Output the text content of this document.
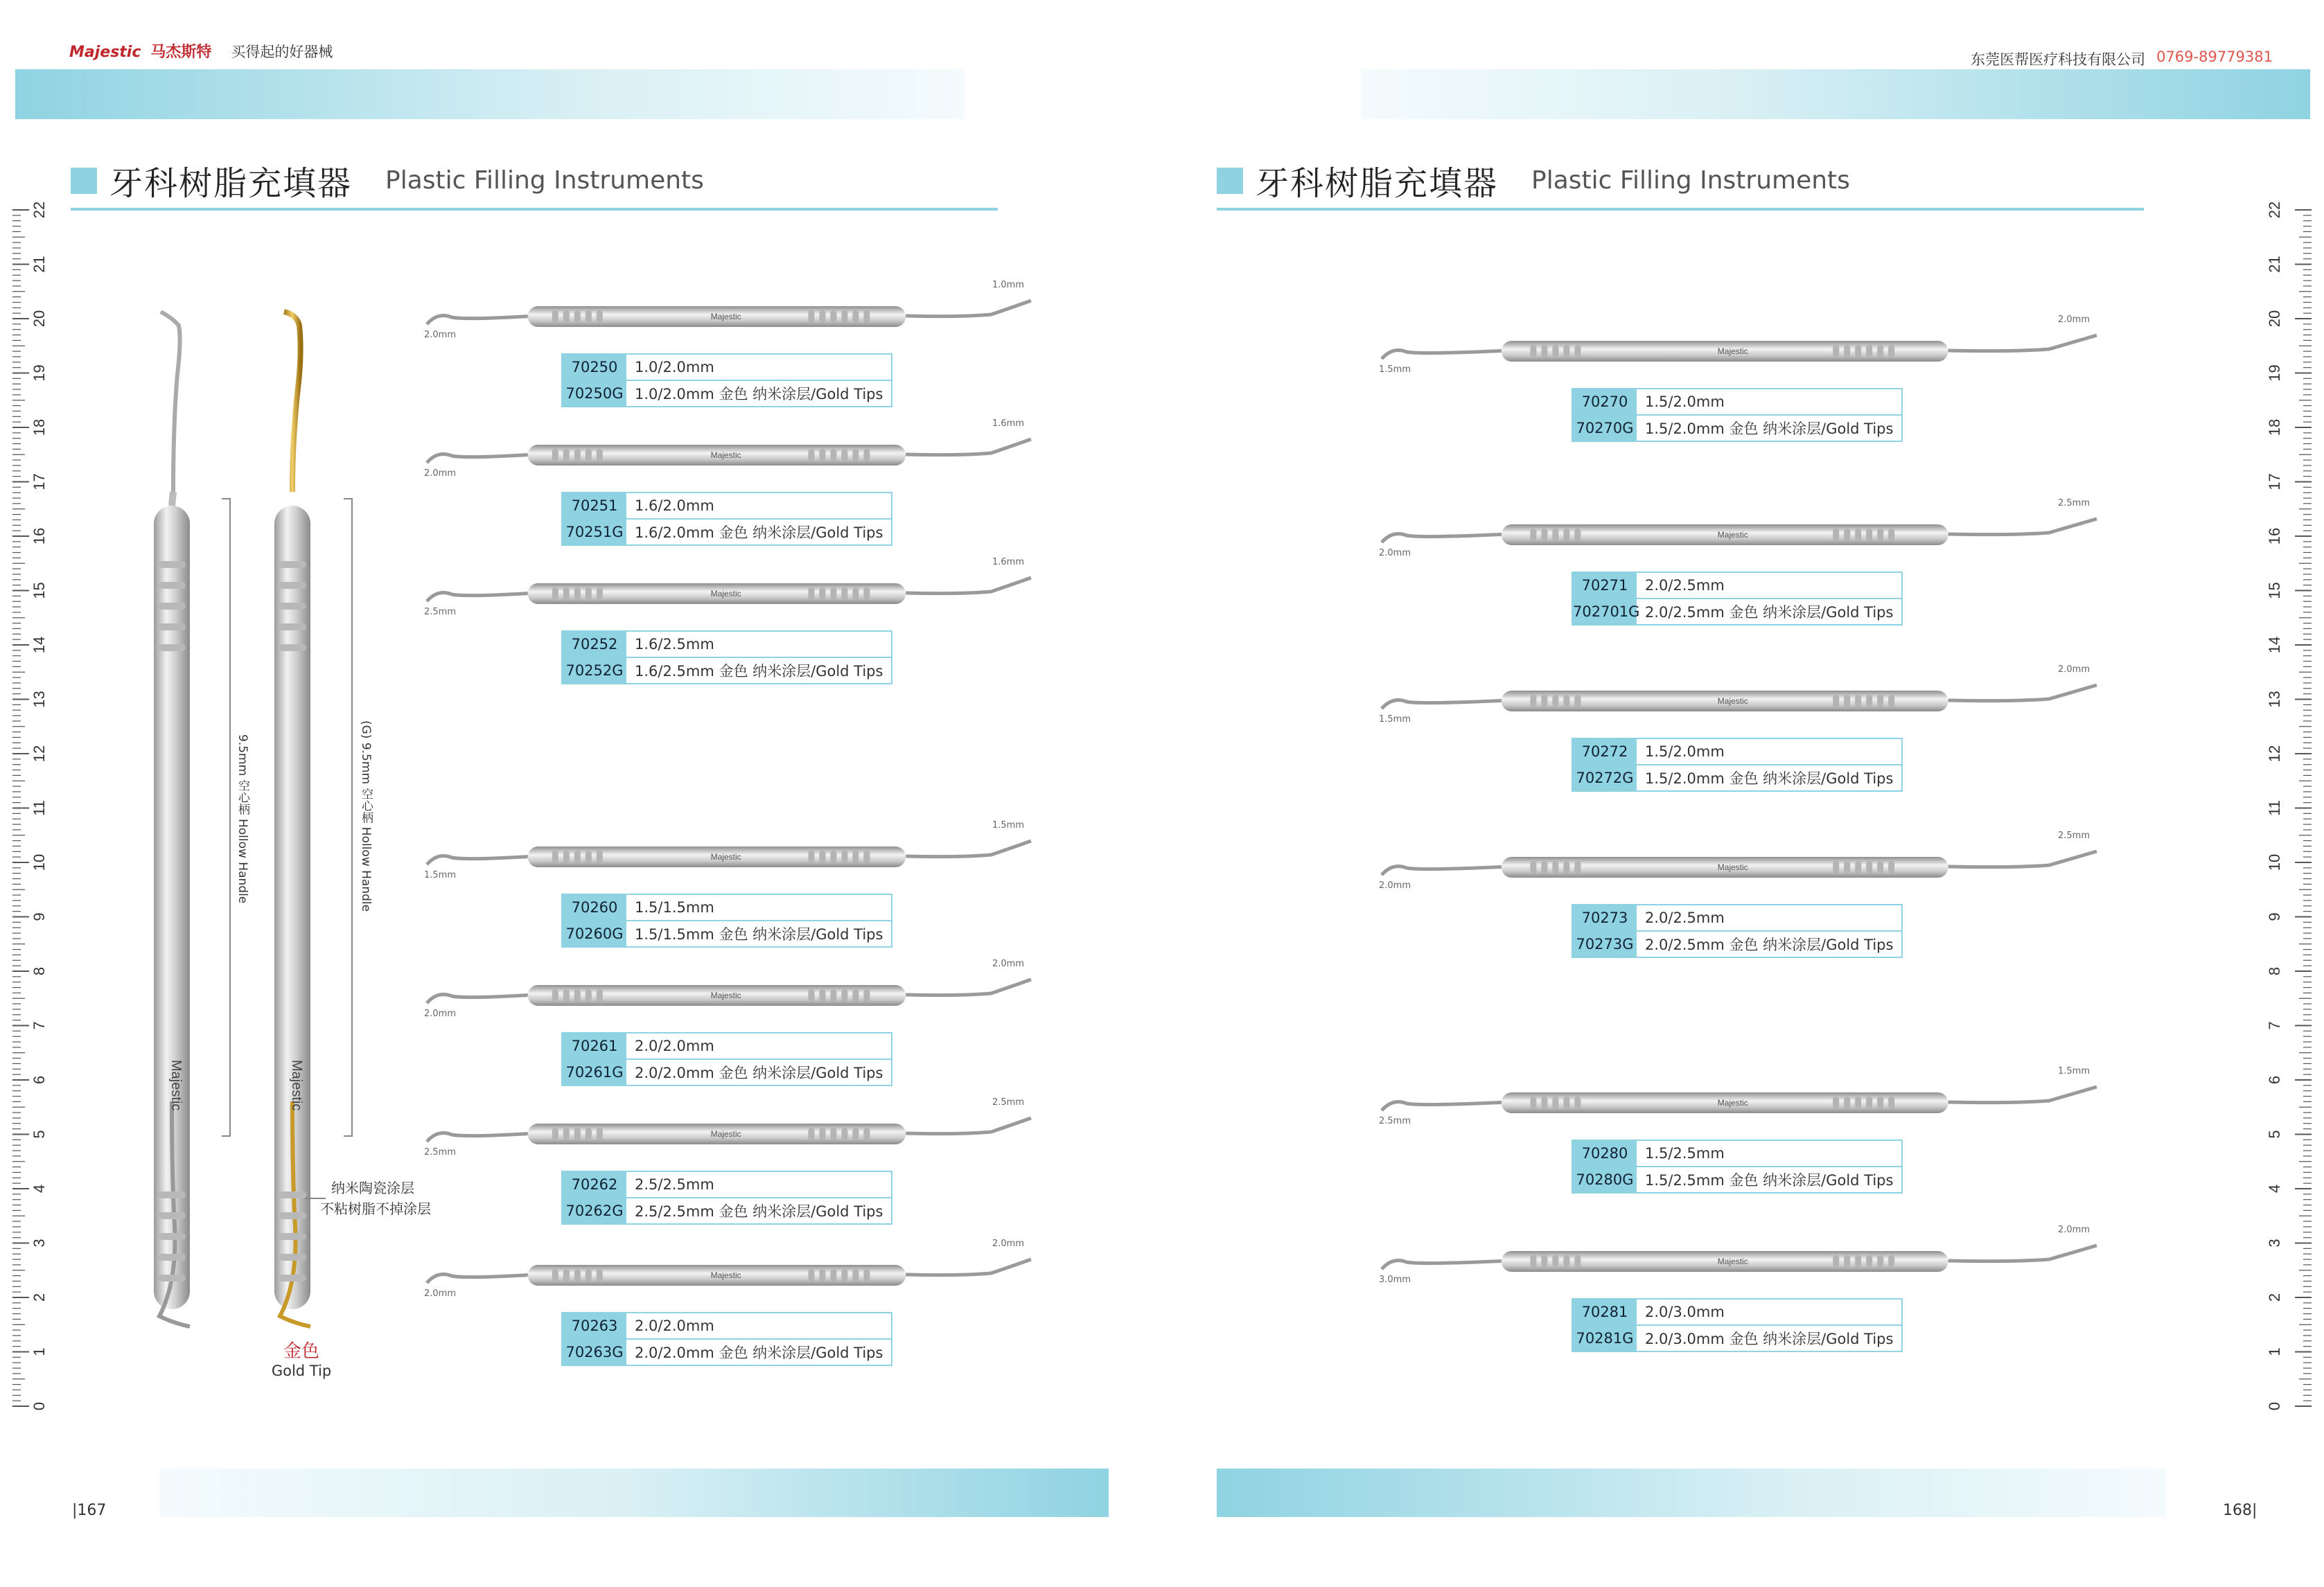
Majestic 马杰斯特 买得起的好器械	东莞医帮医疗科技有限公司 0769-89779381
牙科树脂充填器 Plastic Filling Instruments	牙科树脂充填器 Plastic Filling Instruments
0
1
2
3
4
5
6
7
8
9
10
11
12
13
14
15
16
17
18
19
20
21
22
0
1
2
3
4
5
6
7
8
9
10
11
12
13
14
15
16
17
18
19
20
21
22
Majestic	Majestic
9.5mm 空心柄 Hollow Handle	(G) 9.5mm 空心柄 Hollow Handle
纳米陶瓷涂层
不粘树脂不掉涂层
金色
Gold Tip
Majestic
2.0mm
1.0mm
70250	1.0/2.0mm
70250G 1.0/2.0mm 金色 纳米涂层/Gold Tips
Majestic
2.0mm
1.6mm
70251	1.6/2.0mm
70251G 1.6/2.0mm 金色 纳米涂层/Gold Tips
Majestic
2.5mm
1.6mm
70252	1.6/2.5mm
70252G 1.6/2.5mm 金色 纳米涂层/Gold Tips
Majestic
1.5mm
1.5mm
70260	1.5/1.5mm
70260G 1.5/1.5mm 金色 纳米涂层/Gold Tips
Majestic
2.0mm
2.0mm
70261	2.0/2.0mm
70261G 2.0/2.0mm 金色 纳米涂层/Gold Tips
Majestic
2.5mm
2.5mm
70262	2.5/2.5mm
70262G 2.5/2.5mm 金色 纳米涂层/Gold Tips
Majestic
2.0mm
2.0mm
70263	2.0/2.0mm
70263G 2.0/2.0mm 金色 纳米涂层/Gold Tips
Majestic
1.5mm
2.0mm
70270	1.5/2.0mm
70270G 1.5/2.0mm 金色 纳米涂层/Gold Tips
Majestic
2.0mm
2.5mm
70271	2.0/2.5mm
702701G 2.0/2.5mm 金色 纳米涂层/Gold Tips
Majestic
1.5mm
2.0mm
70272	1.5/2.0mm
70272G 1.5/2.0mm 金色 纳米涂层/Gold Tips
Majestic
2.0mm
2.5mm
70273	2.0/2.5mm
70273G 2.0/2.5mm 金色 纳米涂层/Gold Tips
Majestic
2.5mm
1.5mm
70280	1.5/2.5mm
70280G 1.5/2.5mm 金色 纳米涂层/Gold Tips
Majestic
3.0mm
2.0mm
70281	2.0/3.0mm
70281G 2.0/3.0mm 金色 纳米涂层/Gold Tips
|167	168|
